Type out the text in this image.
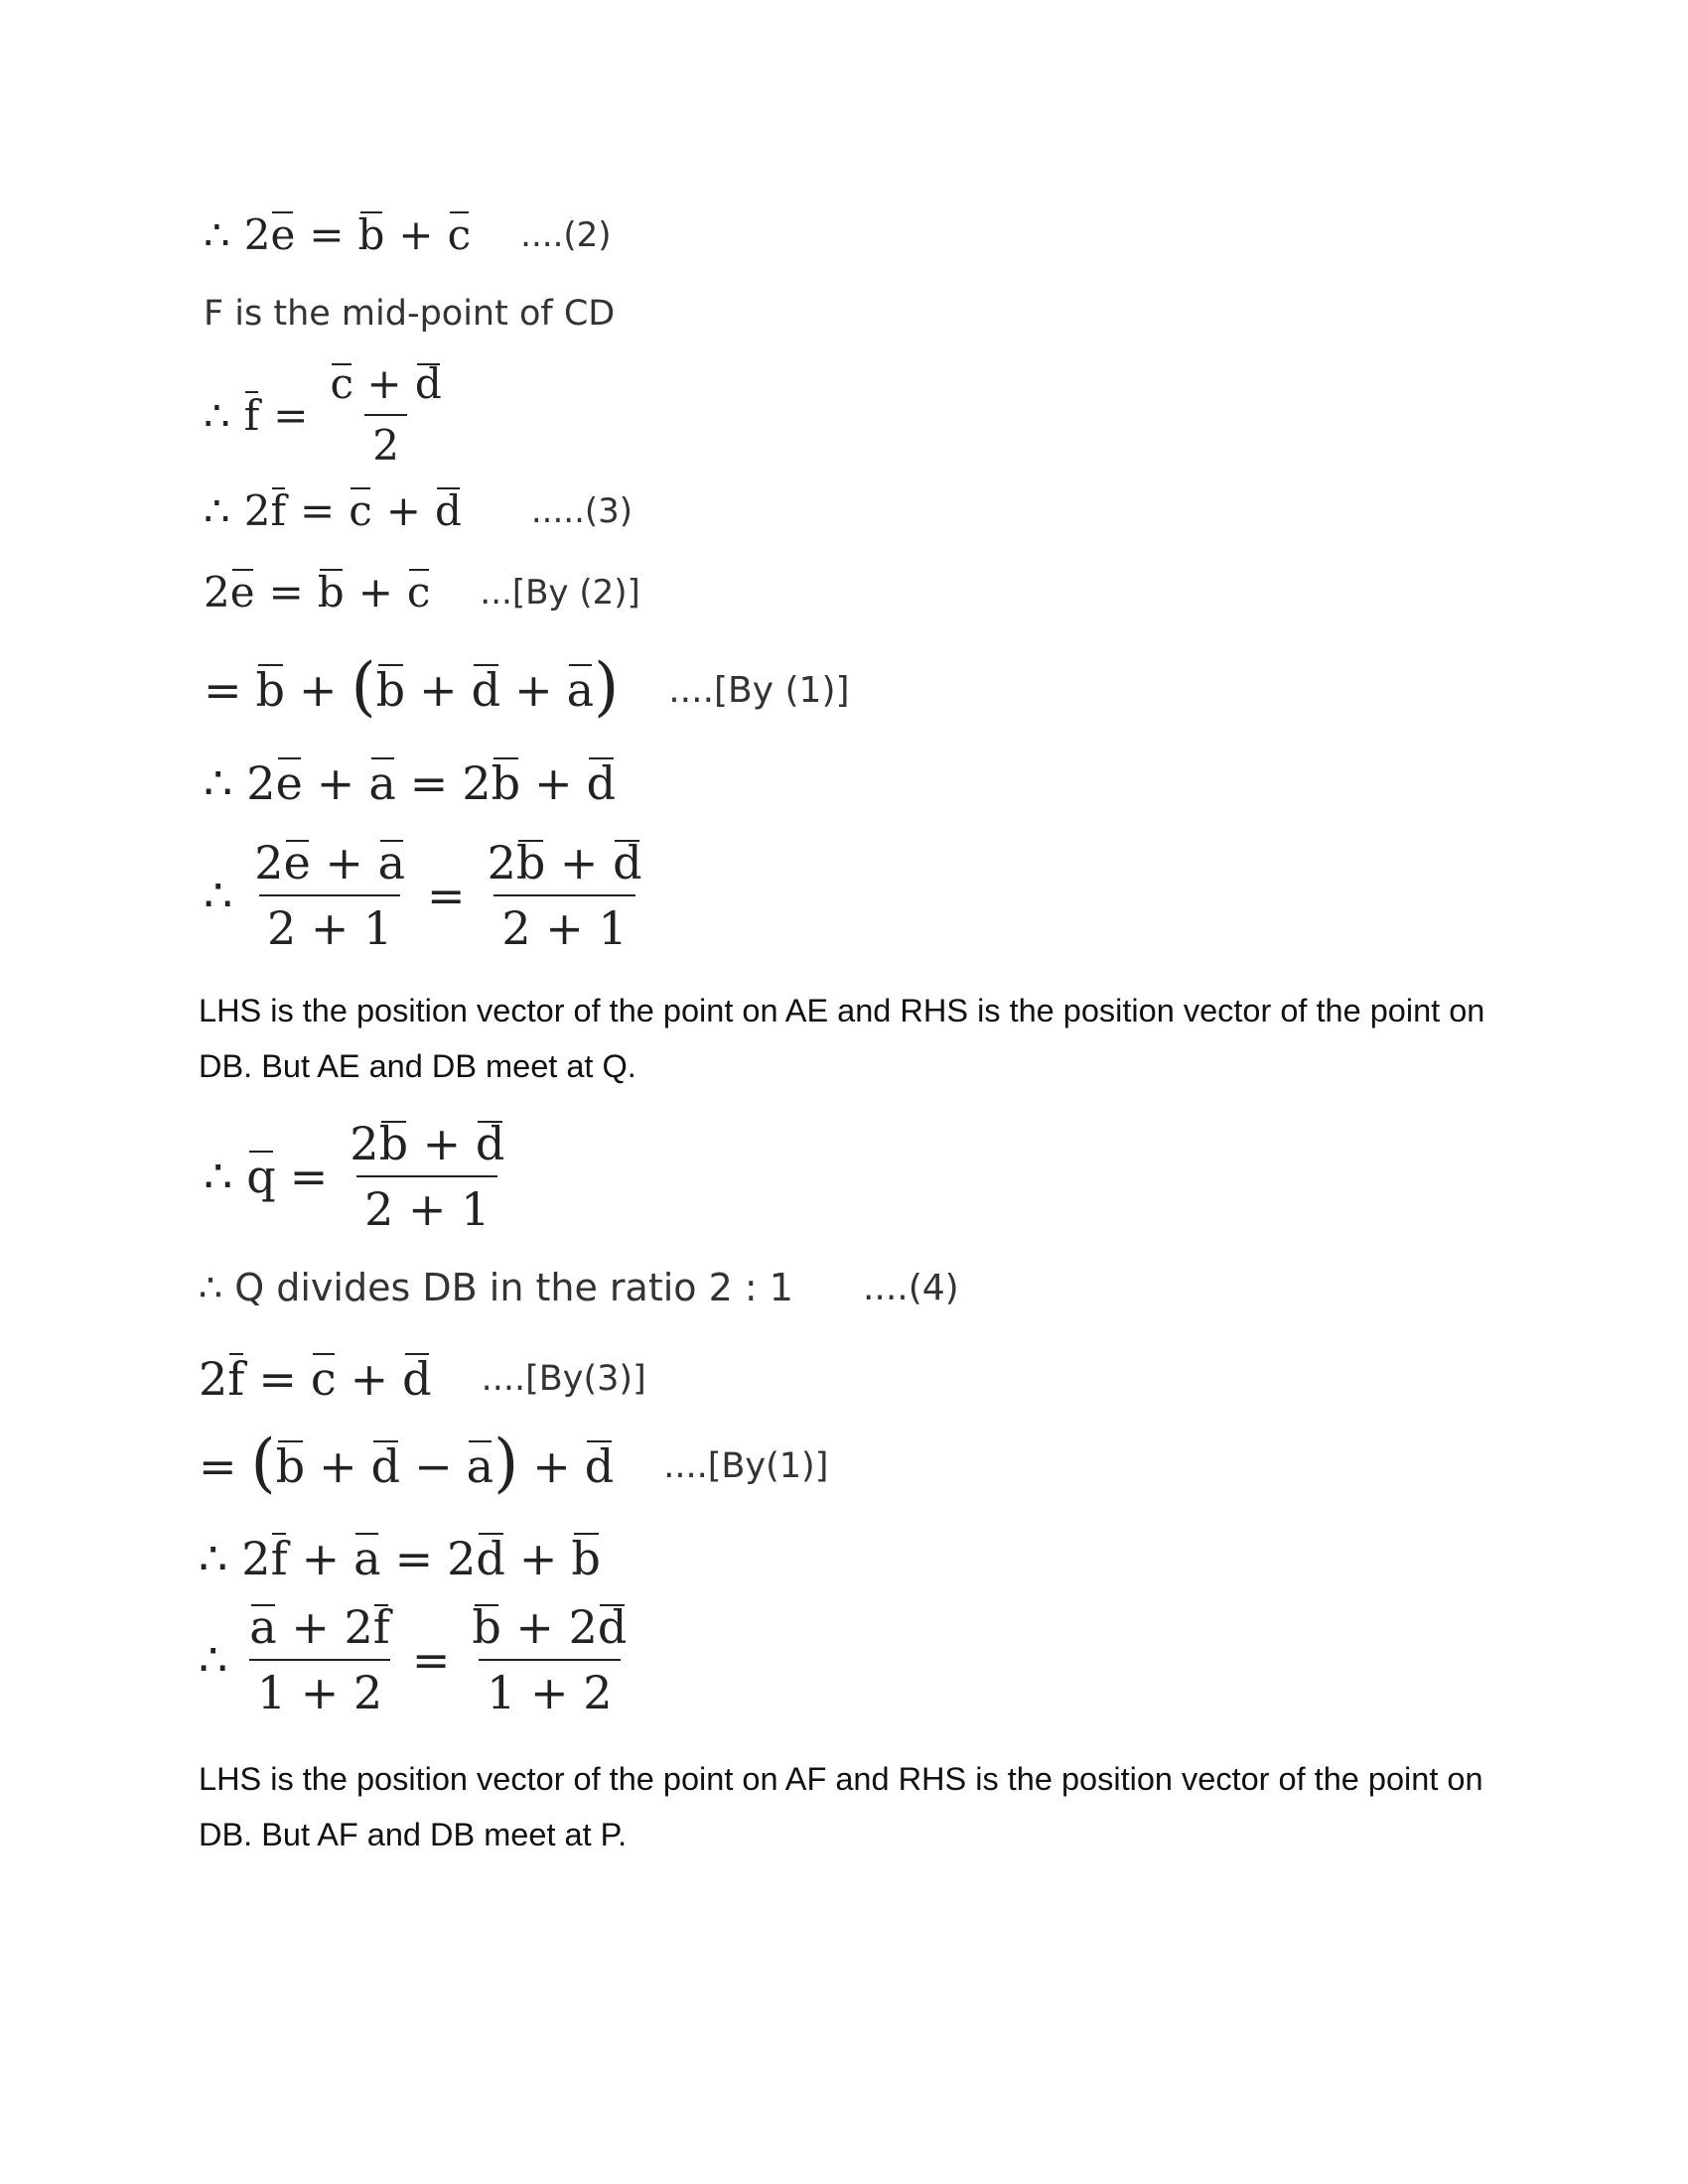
∴ 2 e = b + c ....(2)
F is the mid-point of CD
∴ $f = \frac{c + d}{2}$
∴ 2 f = c + d .....(3)
2 e = b + c ...[By (2)]
= b + ( b + d + a ) ....[By (1)]
∴ 2 e + a = 2 b + d
∴ $\frac{2e + a}{2 + 1} = \frac{2b + d}{2 + 1}$
LHS is the position vector of the point on AE and RHS is the position vector of the point on DB. But AE and DB meet at Q.
∴ $q = \frac{2b + d}{2 + 1}$
∴ Q divides DB in the ratio 2 : 1 ....(4)
2 f = c + d ....[By(3)]
= ( b + d − a ) + d ....[By(1)]
∴ 2 f + a = 2 d + b
∴ $\frac{a + 2f}{1 + 2} = \frac{b + 2d}{1 + 2}$
LHS is the position vector of the point on AF and RHS is the position vector of the point on DB. But AF and DB meet at P.
